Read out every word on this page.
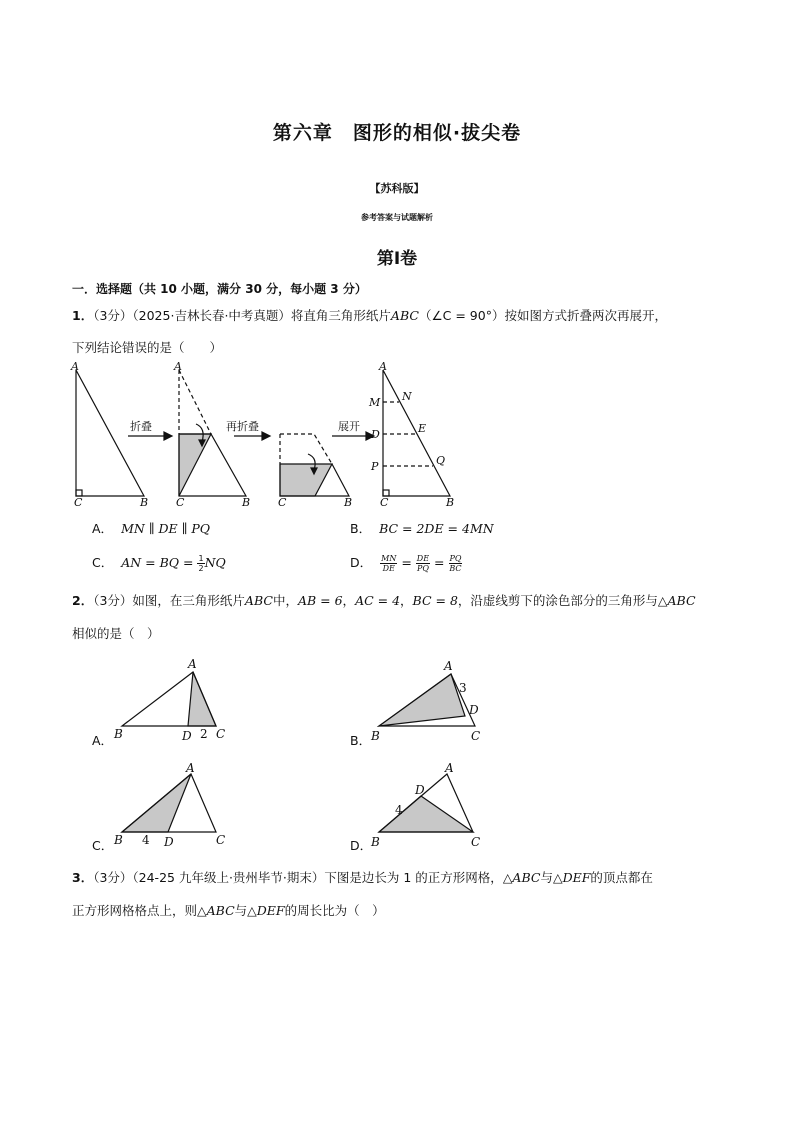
第六章　图形的相似·拔尖卷
【苏科版】
参考答案与试题解析
第Ⅰ卷
一．选择题（共 10 小题，满分 30 分，每小题 3 分）
1．（3分）（2025·吉林长春·中考真题）将直角三角形纸片ABC（∠C = 90°）按如图方式折叠两次再展开，
下列结论错误的是（　　）
A
C	B
A
C	B	C	B
A
M N
D	E
P	Q
C	B
折叠	再折叠	展开
A． MN ∥ DE ∥ PQ	B． BC = 2DE = 4MN
C． AN = BQ = $\frac{1}{2}$ NQ	D． $\frac{MN}{DE} = \frac{DE}{PQ} = \frac{PQ}{BC}$
2．（3分）如图，在三角形纸片ABC中，AB = 6，AC = 4，BC = 8，沿虚线剪下的涂色部分的三角形与△ABC
相似的是（　）
A．
A
B	D 2 C	B．
A
3
D
B	C
C．
A
B 4 D	C	D．
A
D
4
B	C
3．（3分）（24-25 九年级上·贵州毕节·期末）下图是边长为 1 的正方形网格，△ABC与△DEF的顶点都在
正方形网格格点上，则△ABC与△DEF的周长比为（　）
